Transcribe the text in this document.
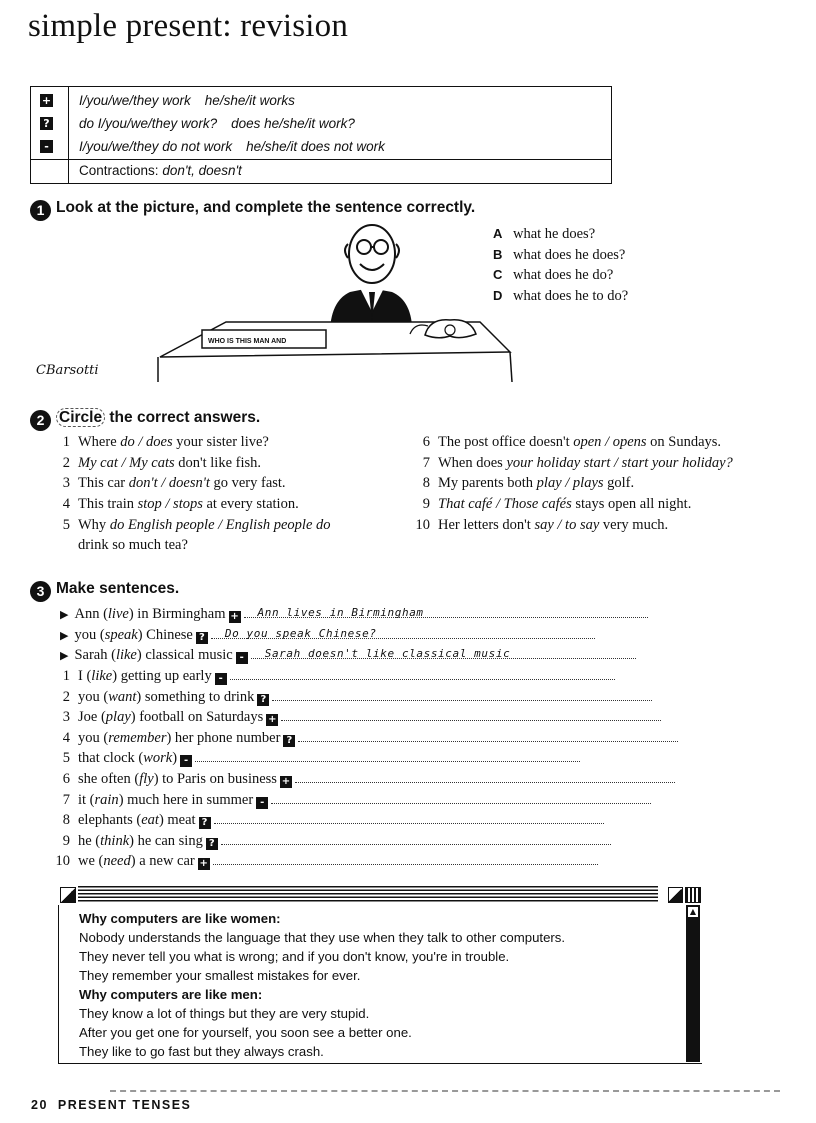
simple present: revision
+
?
-
I/you/we/they work he/she/it works
do I/you/we/they work? does he/she/it work?
I/you/we/they do not work he/she/it does not work
Contractions: don't, doesn't
1 Look at the picture, and complete the sentence correctly.
WHO IS THIS MAN AND
CBarsotti
A what he does?
B what does he does?
C what does he do?
D what does he to do?
2 Circle the correct answers.
1 Where do / does your sister live?
2 My cat / My cats don't like fish.
3 This car don't / doesn't go very fast.
4 This train stop / stops at every station.
5 Why do English people / English people do
drink so much tea?
6 The post office doesn't open / opens on Sundays.
7 When does your holiday start / start your holiday?
8 My parents both play / plays golf.
9 That café / Those cafés stays open all night.
10 Her letters don't say / to say very much.
3 Make sentences.
▶ Ann (live) in Birmingham + Ann lives in Birmingham
▶ you (speak) Chinese ? Do you speak Chinese?
▶ Sarah (like) classical music - Sarah doesn't like classical music
1 I (like) getting up early -
2 you (want) something to drink ?
3 Joe (play) football on Saturdays +
4 you (remember) her phone number ?
5 that clock (work) -
6 she often (fly) to Paris on business +
7 it (rain) much here in summer -
8 elephants (eat) meat ?
9 he (think) he can sing ?
10 we (need) a new car +
▲
Why computers are like women:
Nobody understands the language that they use when they talk to other computers.
They never tell you what is wrong; and if you don't know, you're in trouble.
They remember your smallest mistakes for ever.
Why computers are like men:
They know a lot of things but they are very stupid.
After you get one for yourself, you soon see a better one.
They like to go fast but they always crash.
20 PRESENT TENSES
